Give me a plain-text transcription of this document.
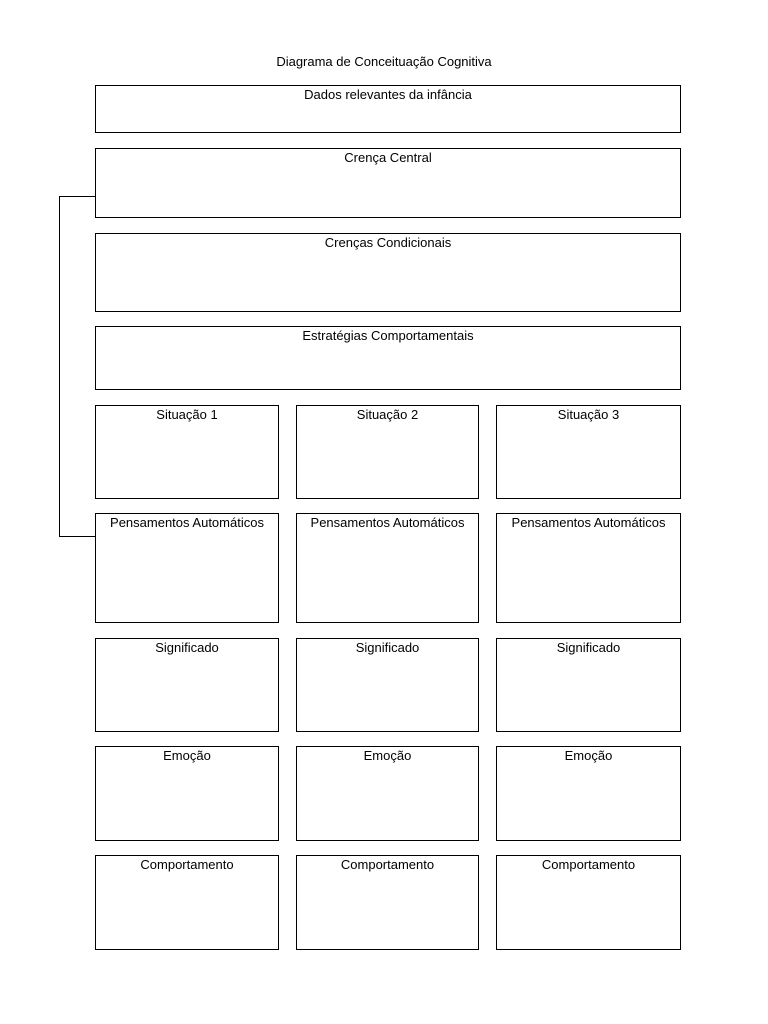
Diagrama de Conceituação Cognitiva
Dados relevantes da infância
Crença Central
Crenças Condicionais
Estratégias Comportamentais
Situação 1
Pensamentos Automáticos
Significado
Emoção
Comportamento
Situação 2
Pensamentos Automáticos
Significado
Emoção
Comportamento
Situação 3
Pensamentos Automáticos
Significado
Emoção
Comportamento
